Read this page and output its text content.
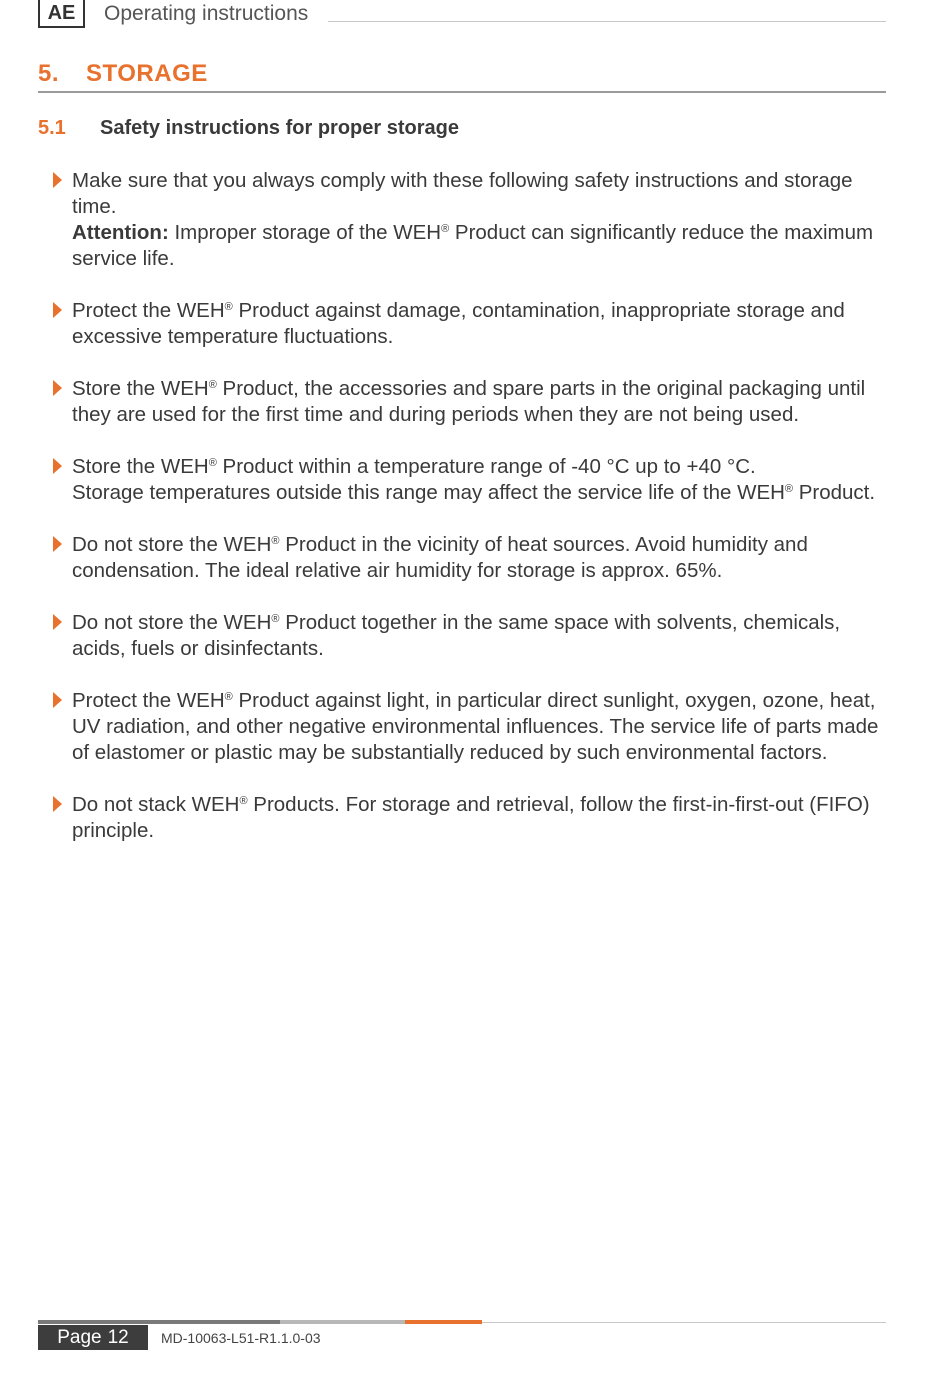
AE	Operating instructions
5. STORAGE
5.1 Safety instructions for proper storage
Make sure that you always comply with these following safety instructions and storage time.
Attention: Improper storage of the WEH® Product can significantly reduce the maximum service life.
Protect the WEH® Product against damage, contamination, inappropriate storage and excessive temperature fluctuations.
Store the WEH® Product, the accessories and spare parts in the original packaging until they are used for the first time and during periods when they are not being used.
Store the WEH® Product within a temperature range of -40 °C up to +40 °C.
Storage temperatures outside this range may affect the service life of the WEH® Product.
Do not store the WEH® Product in the vicinity of heat sources. Avoid humidity and condensation. The ideal relative air humidity for storage is approx. 65%.
Do not store the WEH® Product together in the same space with solvents, chemicals, acids, fuels or disinfectants.
Protect the WEH® Product against light, in particular direct sunlight, oxygen, ozone, heat, UV radiation, and other negative environmental influences. The service life of parts made of elastomer or plastic may be substantially reduced by such environmental factors.
Do not stack WEH® Products. For storage and retrieval, follow the first-in-first-out (FIFO) principle.
Page 12 MD-10063-L51-R1.1.0-03
